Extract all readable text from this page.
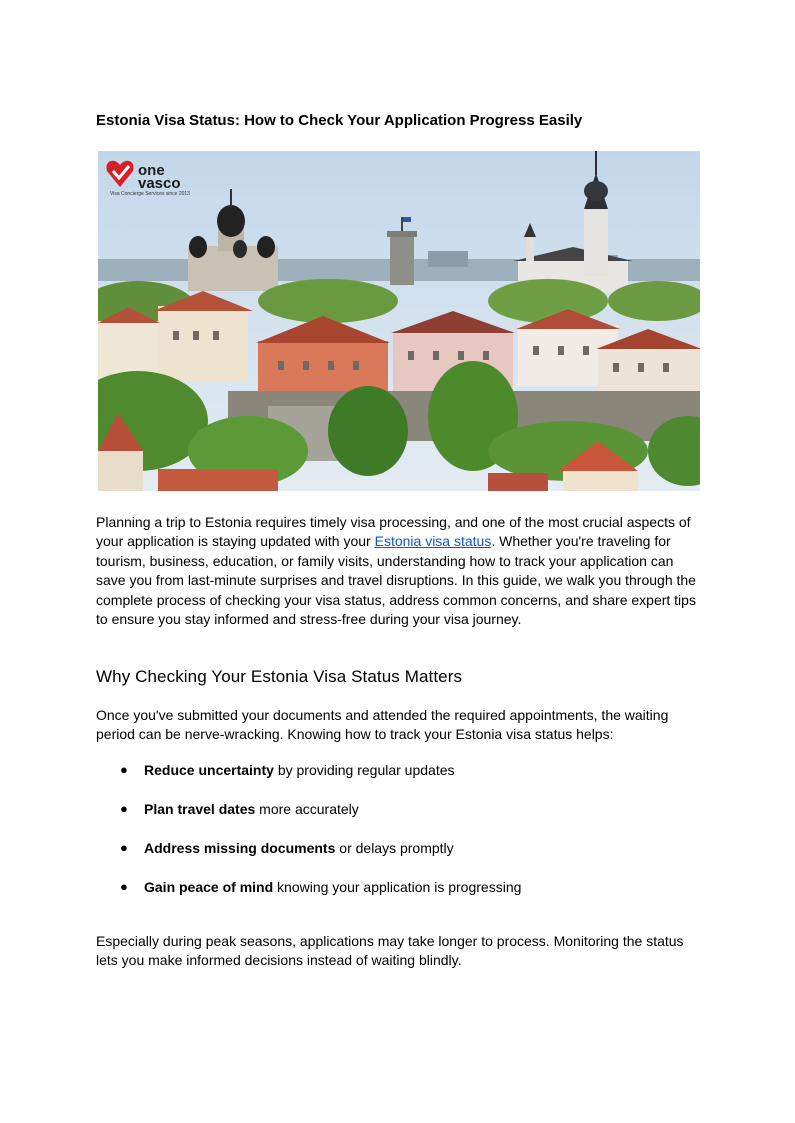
Estonia Visa Status: How to Check Your Application Progress Easily
one
vasco
Visa Concierge Services since 2013

Planning a trip to Estonia requires timely visa processing, and one of the most crucial aspects of your application is staying updated with your Estonia visa status. Whether you're traveling for tourism, business, education, or family visits, understanding how to track your application can save you from last-minute surprises and travel disruptions. In this guide, we walk you through the complete process of checking your visa status, address common concerns, and share expert tips to ensure you stay informed and stress-free during your visa journey.

Why Checking Your Estonia Visa Status Matters

Once you've submitted your documents and attended the required appointments, the waiting period can be nerve-wracking. Knowing how to track your Estonia visa status helps:

● Reduce uncertainty by providing regular updates
● Plan travel dates more accurately
● Address missing documents or delays promptly
● Gain peace of mind knowing your application is progressing

Especially during peak seasons, applications may take longer to process. Monitoring the status lets you make informed decisions instead of waiting blindly.
